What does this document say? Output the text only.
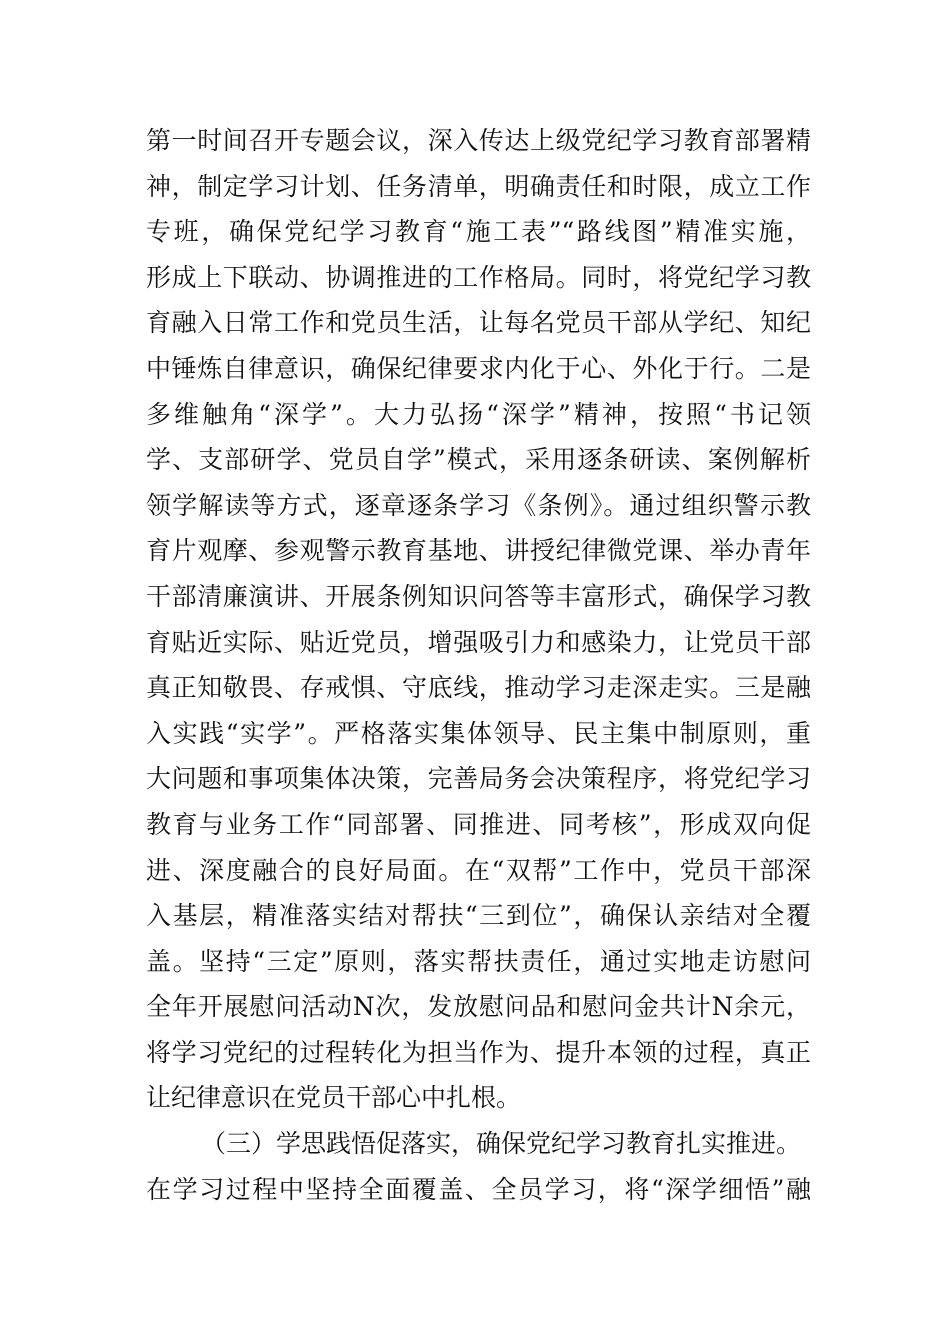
第一时间召开专题会议，深入传达上级党纪学习教育部署精
神，制定学习计划、任务清单，明确责任和时限，成立工作
专班，确保党纪学习教育“施工表”“路线图”精准实施，
形成上下联动、协调推进的工作格局。同时，将党纪学习教
育融入日常工作和党员生活，让每名党员干部从学纪、知纪
中锤炼自律意识，确保纪律要求内化于心、外化于行。二是
多维触角“深学”。大力弘扬“深学”精神，按照“书记领
学、支部研学、党员自学”模式，采用逐条研读、案例解析
领学解读等方式，逐章逐条学习《条例》。通过组织警示教
育片观摩、参观警示教育基地、讲授纪律微党课、举办青年
干部清廉演讲、开展条例知识问答等丰富形式，确保学习教
育贴近实际、贴近党员，增强吸引力和感染力，让党员干部
真正知敬畏、存戒惧、守底线，推动学习走深走实。三是融
入实践“实学”。严格落实集体领导、民主集中制原则，重
大问题和事项集体决策，完善局务会决策程序，将党纪学习
教育与业务工作“同部署、同推进、同考核”，形成双向促
进、深度融合的良好局面。在“双帮”工作中，党员干部深
入基层，精准落实结对帮扶“三到位”，确保认亲结对全覆
盖。坚持“三定”原则，落实帮扶责任，通过实地走访慰问
全年开展慰问活动N次，发放慰问品和慰问金共计N余元，
将学习党纪的过程转化为担当作为、提升本领的过程，真正
让纪律意识在党员干部心中扎根。
（三）学思践悟促落实，确保党纪学习教育扎实推进。
在学习过程中坚持全面覆盖、全员学习，将“深学细悟”融
